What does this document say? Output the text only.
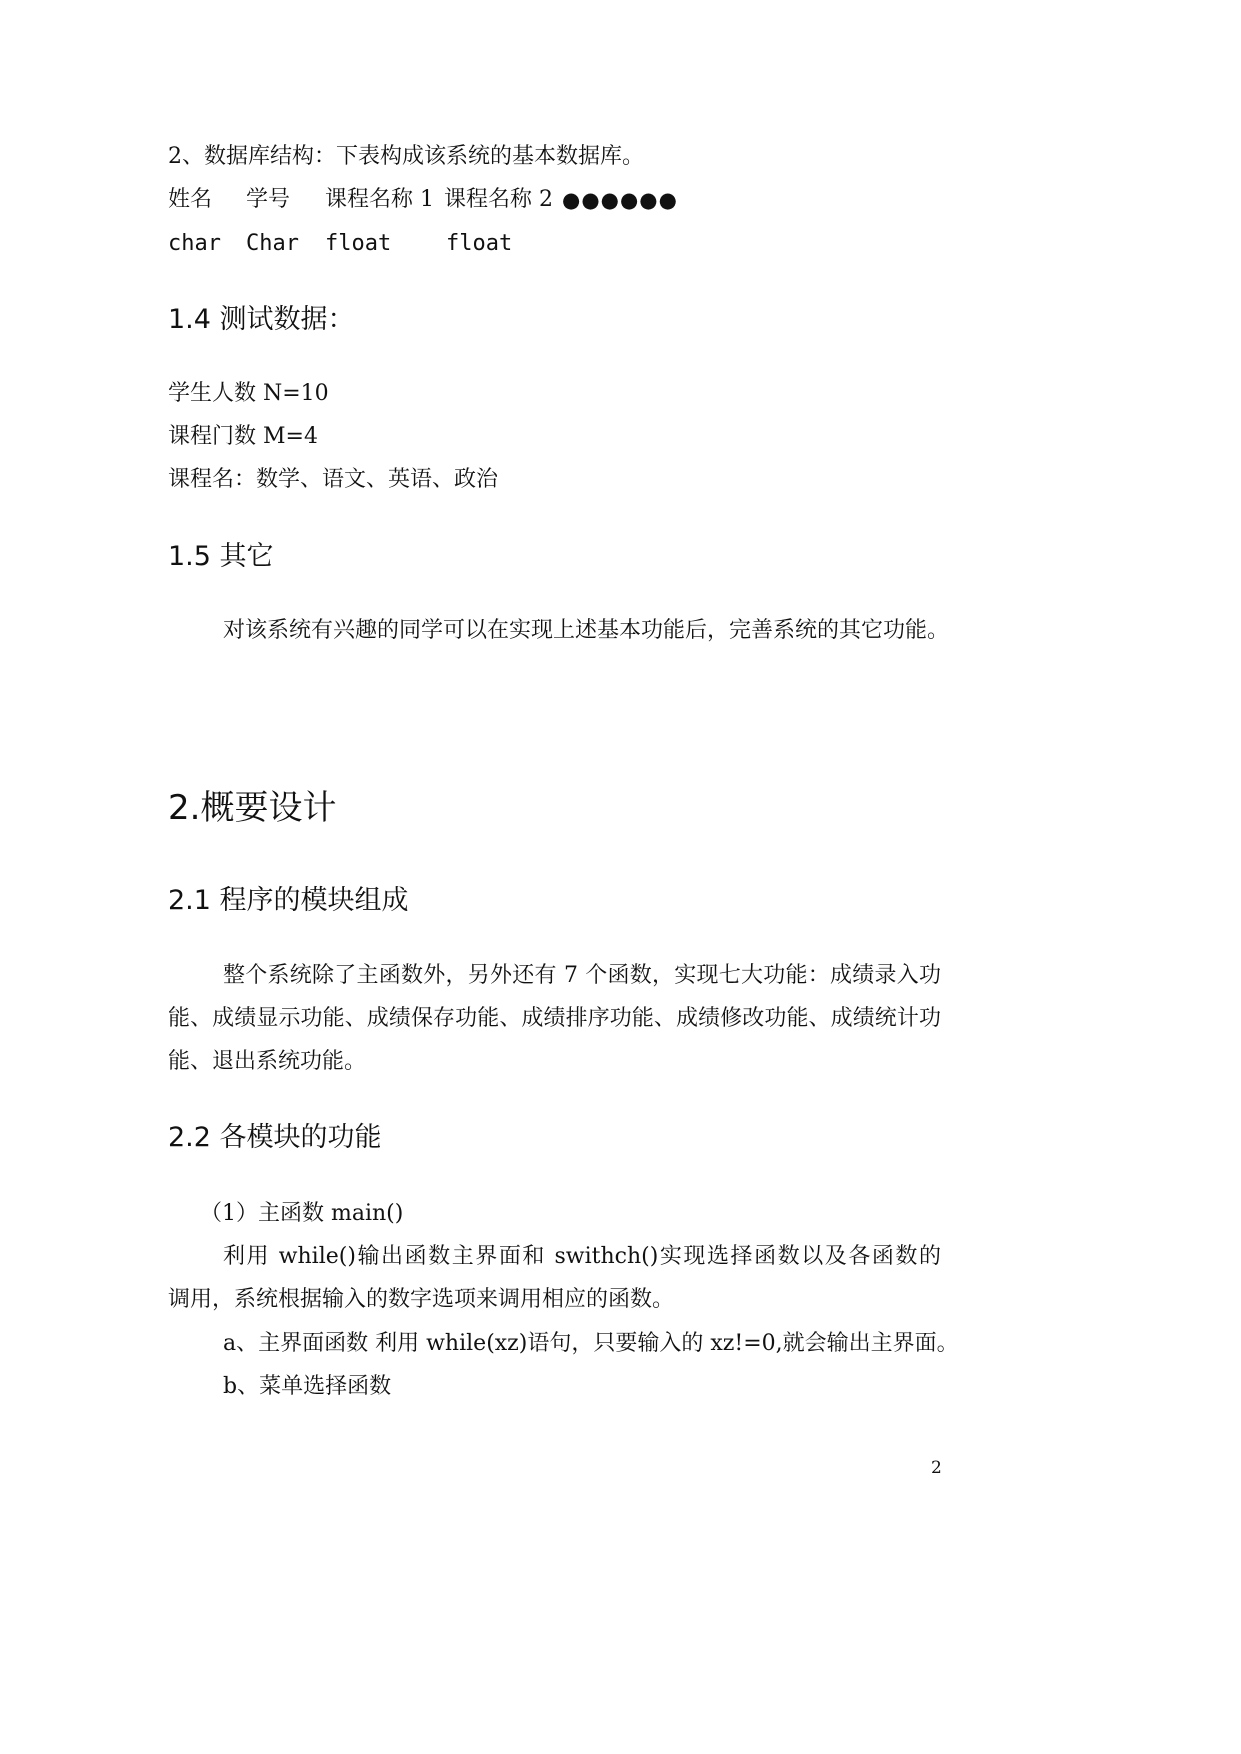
2、数据库结构：下表构成该系统的基本数据库。
姓名 学号 课程名称 1 课程名称 2 ●●●●●●
char Char float float
1.4 测试数据：
学生人数 N=10
课程门数 M=4
课程名：数学、语文、英语、政治
1.5 其它
对该系统有兴趣的同学可以在实现上述基本功能后，完善系统的其它功能。
2.概要设计
2.1 程序的模块组成
整个系统除了主函数外，另外还有 7 个函数，实现七大功能：成绩录入功
能、成绩显示功能、成绩保存功能、成绩排序功能、成绩修改功能、成绩统计功
能、退出系统功能。
2.2 各模块的功能
（1）主函数 main()
利用 while()输出函数主界面和 swithch()实现选择函数以及各函数的
调用，系统根据输入的数字选项来调用相应的函数。
a、主界面函数 利用 while(xz)语句，只要输入的 xz!=0,就会输出主界面。
b、菜单选择函数
2
